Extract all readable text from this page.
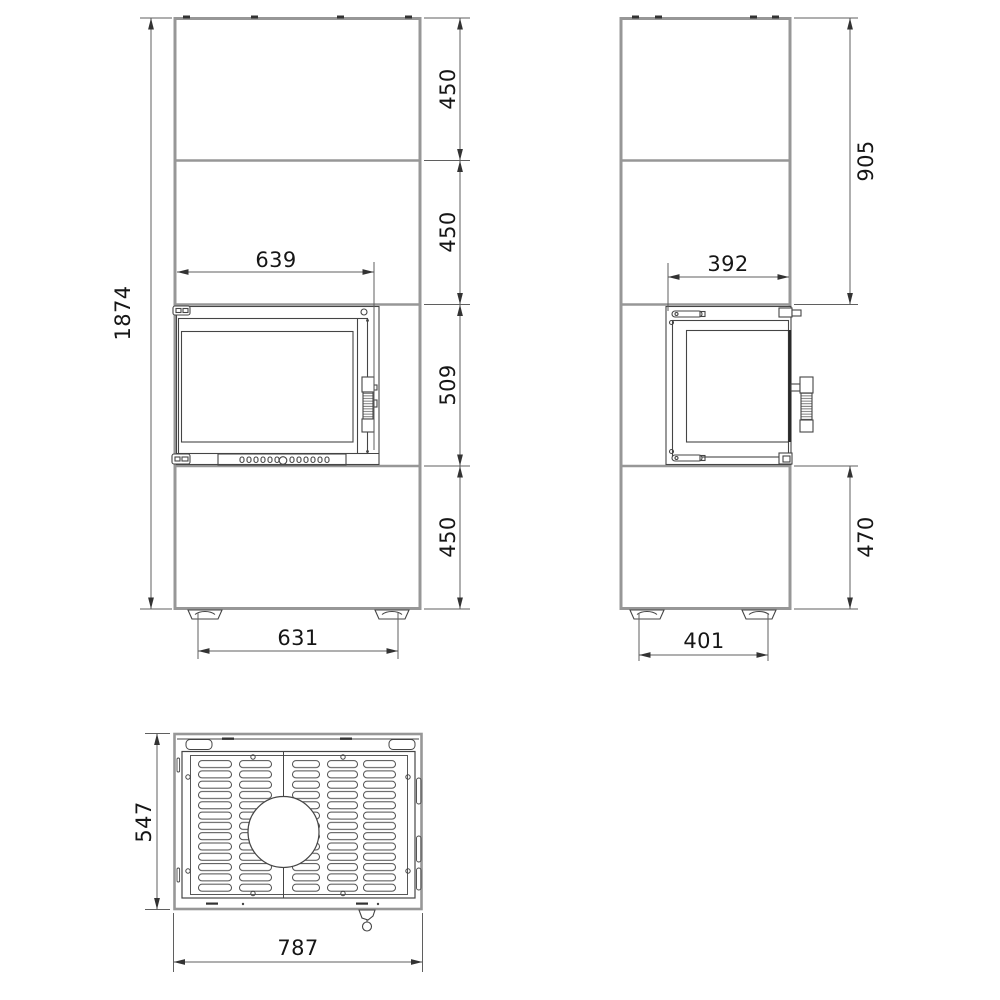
1874
450
450
509
450
639
631
905
392
470
401
547
787
